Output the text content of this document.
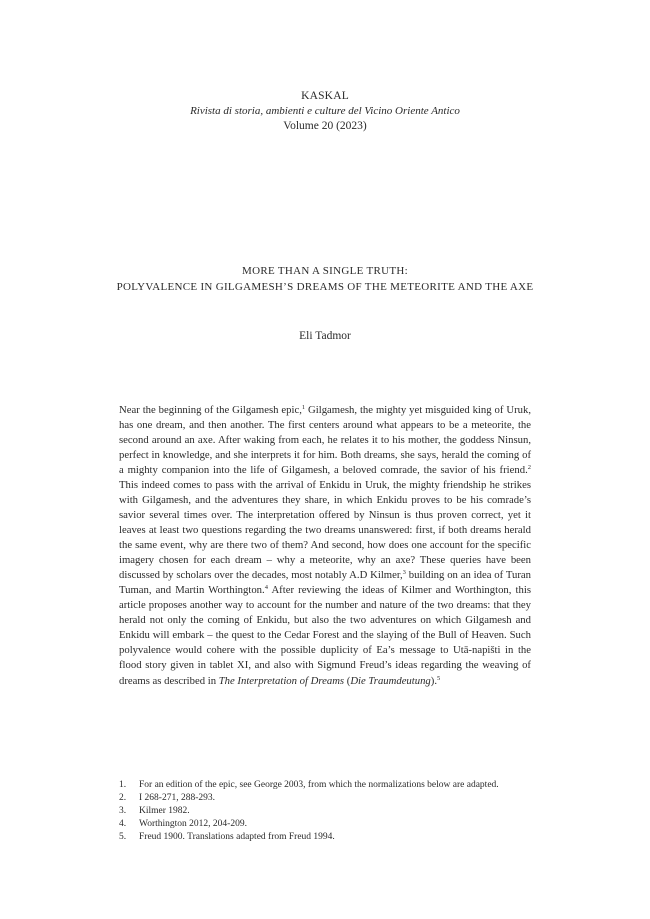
KASKAL
Rivista di storia, ambienti e culture del Vicino Oriente Antico
Volume 20 (2023)
MORE THAN A SINGLE TRUTH:
POLYVALENCE IN GILGAMESH’S DREAMS OF THE METEORITE AND THE AXE
Eli Tadmor

Near the beginning of the Gilgamesh epic,$^1$ Gilgamesh, the mighty yet misguided king of Uruk, has one dream, and then another. The first centers around what appears to be a meteorite, the second around an axe. After waking from each, he relates it to his mother, the goddess Ninsun, perfect in knowledge, and she interprets it for him. Both dreams, she says, herald the coming of a mighty companion into the life of Gilgamesh, a beloved comrade, the savior of his friend.$^2$ This indeed comes to pass with the arrival of Enkidu in Uruk, the mighty friendship he strikes with Gilgamesh, and the adventures they share, in which Enkidu proves to be his comrade’s savior several times over. The interpretation offered by Ninsun is thus proven correct, yet it leaves at least two questions regarding the two dreams unanswered: first, if both dreams herald the same event, why are there two of them? And second, how does one account for the specific imagery chosen for each dream – why a meteorite, why an axe? These queries have been discussed by scholars over the decades, most notably A.D Kilmer,$^3$ building on an idea of Turan Tuman, and Martin Worthington.$^4$ After reviewing the ideas of Kilmer and Worthington, this article proposes another way to account for the number and nature of the two dreams: that they herald not only the coming of Enkidu, but also the two adventures on which Gilgamesh and Enkidu will embark – the quest to the Cedar Forest and the slaying of the Bull of Heaven. Such polyvalence would cohere with the possible duplicity of Ea’s message to Utā-napišti in the flood story given in tablet XI, and also with Sigmund Freud’s ideas regarding the weaving of dreams as described in The Interpretation of Dreams (Die Traumdeutung).$^5$

1.	For an edition of the epic, see George 2003, from which the normalizations below are adapted.
2.	I 268-271, 288-293.
3.	Kilmer 1982.
4.	Worthington 2012, 204-209.
5.	Freud 1900. Translations adapted from Freud 1994.
